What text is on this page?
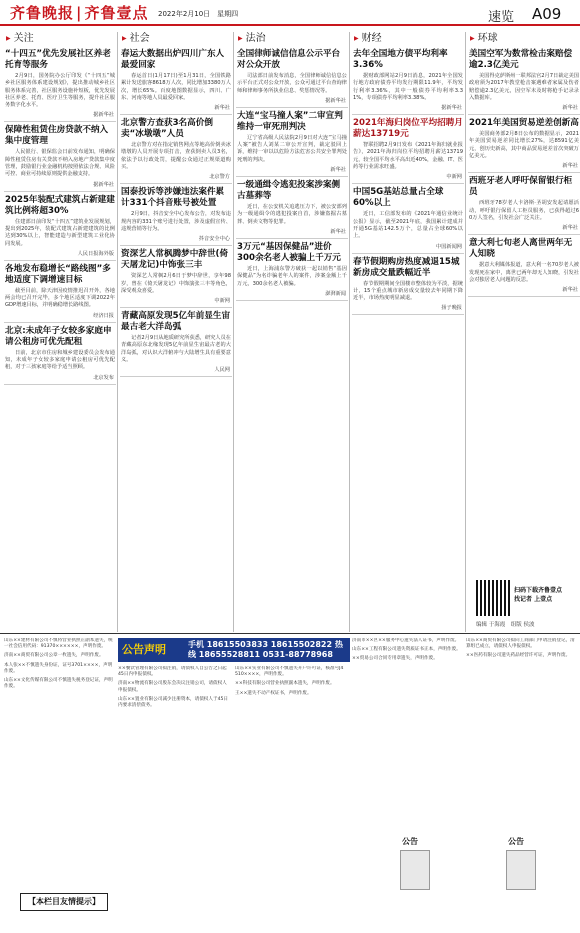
齐鲁晚报 | 齐鲁壹点 2022年2月10日　星期四	速览 A09
▶ 关注
“十四五”优先发展社区养老托育等服务
2月9日，国务院办公厅印发《“十四五”城乡社区服务体系建设规划》，提出推动城乡社区服务体系完善，社区服务设施补短板，优先发展社区养老、托育、医疗卫生等服务，提升社区服务数字化水平。
据新华社
保障性租赁住房贷款不纳入集中度管理
人民银行、银保监会日前发布通知，明确保障性租赁住房有关贷款不纳入房地产贷款集中度管理，鼓励银行业金融机构按照依法合规、风险可控、商业可持续原则提供金融支持。
据新华社
2025年装配式建筑占新建建筑比例将超30%
住建部日前印发“十四五”建筑业发展规划，提出到2025年，装配式建筑占新建建筑的比例达到30%以上，智能建造与新型建筑工业化协同发展。
人民日报海外版
各地发布稳增长“路线图”多地适度下调增速目标
截至目前，除天津因疫情推迟召开外，各地两会均已召开完毕，多个地区适度下调2022年GDP增速目标，并明确稳增长路线图。
经济日报
北京:未成年子女较多家庭申请公租房可优先配租
日前，北京市住房和城乡建设委员会发布通知，未成年子女较多家庭申请公租房可优先配租，对于三孩家庭等给予适当照顾。
北京发布
▶ 社会
春运大数据出炉四川广东人最爱回家
春运首日(1月17日)至1月31日，全国铁路累计发送旅客8618万人次，同比增加3380万人次，增长65%。百度地图数据显示，四川、广东、河南等地人员最爱回家。
新华社
北京警方查获3名高价倒卖“冰墩墩”人员
北京警方对在指定销售网点等地高价倒卖冰墩墩的人员开展专项打击，查获倒卖人员3名，依法予以行政处罚，提醒公众通过正规渠道购买。
北京警方
国泰投诉等涉嫌违法案件累计331个抖音账号被处置
2月9日，抖音安全中心发布公告，对发布违规内容的331个账号进行处置，涉及虚假宣传、违规营销等行为。
抖音安全中心
资深艺人常枫腾梦中辞世(倚天屠龙记)中饰张三丰
资深艺人常枫2月6日于梦中辞世，享年98岁，曾在《倚天屠龙记》中饰演张三丰等角色，深受观众喜爱。
中新网
青藏高原发现5亿年前显生宙最古老大洋岛弧
记者2月9日从地质研究所获悉，研究人员在青藏高原东北缘发现5亿年前显生宙最古老的大洋岛弧，对认识大洋俯冲与大陆增生具有重要意义。
人民网
▶ 法治
全国律师诚信信息公示平台对公众开放
司法部日前发布消息，全国律师诚信信息公示平台正式对公众开放，公众可通过平台查询律师和律师事务所执业信息、奖惩情况等。
据新华社
大连“宝马撞人案”二审宣判维持一审死刑判决
辽宁省高级人民法院2月9日对大连“宝马撞人案”被告人刘某二审公开宣判，裁定驳回上诉，维持一审以以危险方法危害公共安全罪判处死刑的判决。
新华社
一级通缉令逃犯投案涉案侧古墓葬等
近日，在公安机关追逃压力下，被公安部列为一级通缉令的逃犯投案自首，涉嫌盗掘古墓葬、倒卖文物等犯罪。
新华社
3万元“基因保健品”进价300余名老人被骗上千万元
近日，上海浦东警方破获一起以销售“基因保健品”为名诈骗老年人的案件，涉案金额上千万元，300余名老人被骗。
澎湃新闻
▶ 财经
去年全国地方债平均利率3.36%
据财政部网站2月9日消息，2021年全国发行地方政府债券平均发行期限11.9年，平均发行利率3.36%，其中一般债券平均利率3.31%，专项债券平均利率3.38%。
据新华社
2021年海归岗位平均招聘月薪达13719元
智联招聘2月9日发布《2021年海归就业报告》，2021年海归岗位平均招聘月薪达13719元，较全国平均水平高出近40%，金融、IT、医药等行业需求旺盛。
中新网
中国5G基站总量占全球60%以上
近日，工信部发布的《2021年通信业统计公报》显示，截至2021年底，我国累计建成并开通5G基站142.5万个，总量占全球60%以上。
中国新闻网
春节假期购房热度减退15城新房成交量跌幅近半
春节假期期间全国楼市整体较为平淡，据统计，15个重点城市新房成交量较去年同期下降近半，市场热度明显减退。
扬子晚报
▶ 环球
美国空军为数常检击案赔偿逾2.3亿美元
美国得克萨斯州一联邦法官2月7日裁定美国政府须为2017年教堂枪击案遇难者家属及伤者赔偿逾2.3亿美元，因空军未及时将枪手记录录入数据库。
新华社
2021年美国贸易逆差创新高
美国商务部2月8日公布的数据显示，2021年美国贸易逆差同比增长27%，达8591亿美元，创历史新高，其中商品贸易逆差首次突破万亿美元。
新华社
西班牙老人呼吁保留银行柜员
西班牙78岁老人卡洛斯·圣胡安发起请愿活动，呼吁银行保留人工柜员服务，已获得超过60万人签名，引发社会广泛关注。
新华社
意大利七旬老人离世两年无人知晓
据意大利媒体报道，意大利一名70岁老人被发现死在家中，离世已两年却无人知晓，引发社会对独居老人问题的反思。
新华社

山东××建材有限公司不慎将营业执照正副本遗失，统一社会信用代码：91370××××××，声明作废。

济南××商贸有限公司公章一枚遗失，声明作废。

本人张××不慎遗失身份证，证号3701××××，声明作废。

山东××文化传媒有限公司不慎遗失税务登记证，声明作废。

公告声明	手机 18615503833 18615502822 热线 18655528811 0531-88778968

××餐饮管理有限公司拟注销，请债权人自公告之日起45日内申报债权。

济南××物流有限公司股东会决议注销公司，请债权人申报债权。

山东××置业有限公司减少注册资本，请债权人于45日内要求清偿债务。

山东××实业有限公司不慎遗失开户许可证，核准号J4510××××，声明作废。

××科技有限公司营业执照副本遗失，声明作废。

王××遗失不动产权证书，声明作废。

济南市××区××服务中心遗失法人证书，声明作废。

山东××工程有限公司遗失资质证书正本，声明作废。

××贸易公司合同专用章遗失，声明作废。

山东××商贸有限公司拟向工商部门申请注销登记，清算组已成立，请债权人申报债权。

××医药有限公司遗失药品经营许可证，声明作废。

【本栏目友情提示】
公告	公告
扫码下载齐鲁壹点
找记者 上壹点
编辑 于海霞　组版 侯波
